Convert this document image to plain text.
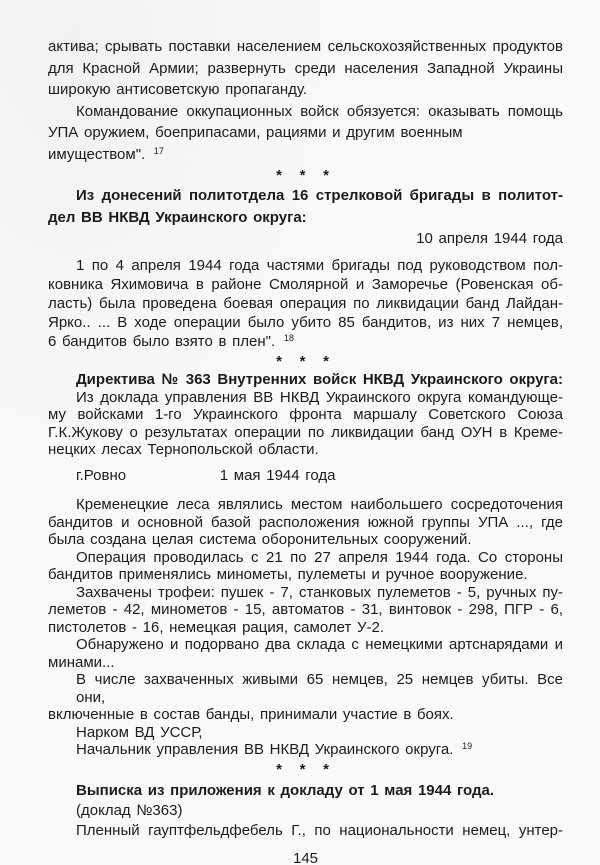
актива; срывать поставки населением сельскохозяйственных продуктов
для Красной Армии; развернуть среди населения Западной Украины
широкую антисоветскую пропаганду.
Командование оккупационных войск обязуется: оказывать помощь
УПА оружием, боеприпасами, рациями и другим военным имуществом". $^{17}$
* * *
Из донесений политотдела 16 стрелковой бригады в политот-
дел ВВ НКВД Украинского округа:
10 апреля 1944 года
1 по 4 апреля 1944 года частями бригады под руководством пол-
ковника Яхимовича в районе Смолярной и Заморечье (Ровенская об-
ласть) была проведена боевая операция по ликвидации банд Лайдан-
Ярко.. ... В ходе операции было убито 85 бандитов, из них 7 немцев,
6 бандитов было взято в плен". $^{18}$
* * *
Директива № 363 Внутренних войск НКВД Украинского округа:
Из доклада управления ВВ НКВД Украинского округа командующе-
му войсками 1-го Украинского фронта маршалу Советского Союза
Г.К.Жукову о результатах операции по ликвидации банд ОУН в Креме-
нецких лесах Тернопольской области.
г.Ровно	1 мая 1944 года
Кременецкие леса являлись местом наибольшего сосредоточения
бандитов и основной базой расположения южной группы УПА ..., где
была создана целая система оборонительных сооружений.
Операция проводилась с 21 по 27 апреля 1944 года. Со стороны
бандитов применялись минометы, пулеметы и ручное вооружение.
Захвачены трофеи: пушек - 7, станковых пулеметов - 5, ручных пу-
леметов - 42, минометов - 15, автоматов - 31, винтовок - 298, ПГР - 6,
пистолетов - 16, немецкая рация, самолет У-2.
Обнаружено и подорвано два склада с немецкими артснарядами и
минами...
В числе захваченных живыми 65 немцев, 25 немцев убиты. Все они,
включенные в состав банды, принимали участие в боях.
Нарком ВД УССР,
Начальник управления ВВ НКВД Украинского округа. $^{19}$
* * *
Выписка из приложения к докладу от 1 мая 1944 года.
(доклад №363)
Пленный гауптфельдфебель Г., по национальности немец, унтер-
145
